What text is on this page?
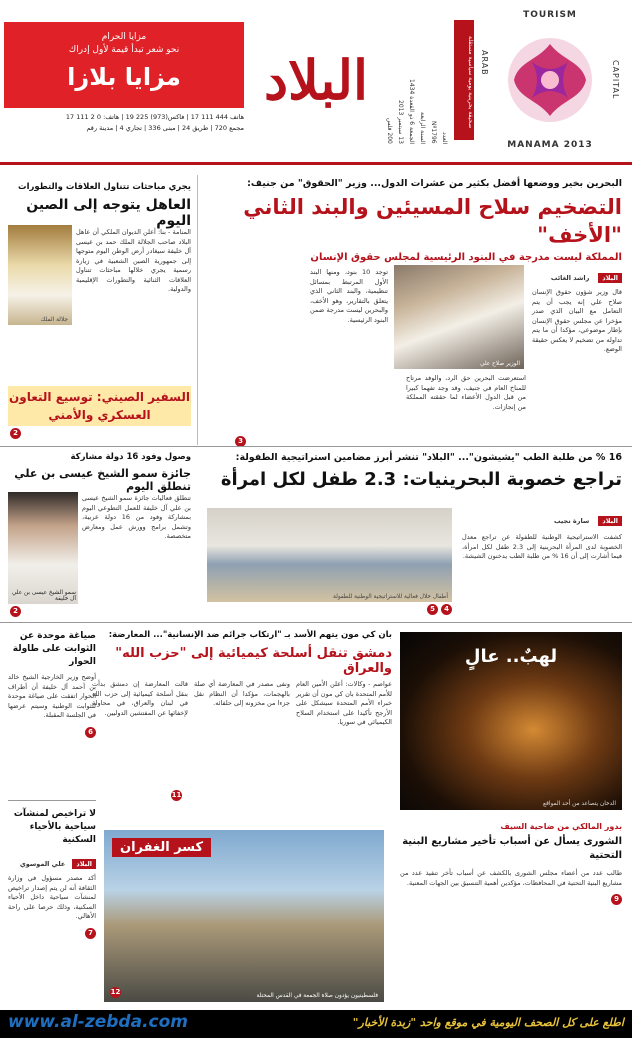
TOURISM
CAPITAL
ARAB
MANAMA 2013
صحيفة بحرينية يومية سياسية مستقلة
العدد
Nº1796
السنة الرابعة
الجمعة 6 ذو القعدة 1434
13 سبتمبر 2013
200 فلس
البلاد
مزايا الحرام
نحو شعر تبدأ قيمة لأول إدراك
مزايا بلازا
هاتف 444 111 17 | فاكس(973) 225 19 | هاتف: 0 2 111 17
مجمع 720 | طريق 24 | مبنى 336 | تجاري 4 | مدينة رقم
البحرين بخير ووضعها أفضل بكثير من عشرات الدول... وزير "الحقوق" من جنيف:
التضخيم سلاح المسيئين والبند الثاني "الأخف"
المملكة ليست مدرجة في البنود الرئيسية لمجلس حقوق الإنسان
البلاد راشد الغائب
قال وزير شؤون حقوق الإنسان صلاح علي إنه يجب أن يتم التعامل مع البيان الذي صدر مؤخرا عن مجلس حقوق الإنسان بإطار موضوعي، مؤكدا أن ما يتم تداوله من تضخيم لا يعكس حقيقة الوضع.
استعرضت البحرين حق الرد، والوفد مرتاح للمناخ العام في جنيف، وقد وجد تفهما كبيرا من قبل الدول الأعضاء لما حققته المملكة من إنجازات.
الوزير صلاح علي
توجد 10 بنود، ومنها البند الأول المرتبط بمسائل تنظيمية، والبند الثاني الذي يتعلق بالتقارير، وهو الأخف، والبحرين ليست مدرجة ضمن البنود الرئيسية.
3
يجري مباحثات تتناول العلاقات والتطورات
العاهل يتوجه إلى الصين اليوم
جلالة الملك
المنامة - بنا: أعلن الديوان الملكي أن عاهل البلاد صاحب الجلالة الملك حمد بن عيسى آل خليفة سيغادر أرض الوطن اليوم متوجها إلى جمهورية الصين الشعبية في زيارة رسمية يجري خلالها مباحثات تتناول العلاقات الثنائية والتطورات الإقليمية والدولية.
السفير الصيني: توسيع التعاون العسكري والأمني
2
16 % من طلبة الطب "يشيشون"... "البلاد" تنشر أبرز مضامين استراتيجية الطفولة:
تراجع خصوبة البحرينيات: 2.3 طفل لكل امرأة
البلاد سارة نجيب
كشفت الاستراتيجية الوطنية للطفولة عن تراجع معدل الخصوبة لدى المرأة البحرينية إلى 2.3 طفل لكل امرأة، فيما أشارت إلى أن 16 % من طلبة الطب يدخنون الشيشة.
أطفال خلال فعالية للاستراتيجية الوطنية للطفولة
4
5
وصول وفود 16 دولة مشاركة
جائزة سمو الشيخ عيسى بن علي تنطلق اليوم
سمو الشيخ عيسى بن علي آل خليفة
تنطلق فعاليات جائزة سمو الشيخ عيسى بن علي آل خليفة للعمل التطوعي اليوم بمشاركة وفود من 16 دولة عربية، وتشمل برامج وورش عمل ومعارض متخصصة.
2
بان كي مون يتهم الأسد بـ "ارتكاب جرائم ضد الإنسانية"... المعارضة:
دمشق تنقل أسلحة كيميائية إلى "حزب الله" والعراق
عواصم - وكالات: أعلن الأمين العام للأمم المتحدة بان كي مون أن تقرير خبراء الأمم المتحدة سيشكل على الأرجح تأكيدا على استخدام السلاح الكيميائي في سوريا.
ونفى مصدر في المعارضة أي صلة بالهجمات، مؤكدا أن النظام نقل جزءا من مخزونه إلى حلفائه.
قالت المعارضة إن دمشق بدأت بنقل أسلحة كيميائية إلى حزب الله في لبنان والعراق، في محاولة لإخفائها عن المفتشين الدوليين.
11
لهبٌ.. عالٍ
الدخان يتصاعد من أحد المواقع
صياغة موحدة عن الثوابت على طاولة الحوار
أوضح وزير الخارجية الشيخ خالد بن أحمد آل خليفة أن أطراف الحوار اتفقت على صياغة موحدة للثوابت الوطنية وسيتم عرضها في الجلسة المقبلة.
6
لا تراخيص لمنشآت سياحية بالأحياء السكنية
البلاد علي الموسوي
أكد مصدر مسؤول في وزارة الثقافة أنه لن يتم إصدار تراخيص لمنشآت سياحية داخل الأحياء السكنية، وذلك حرصا على راحة الأهالي.
7
كسر الغفران
فلسطينيون يؤدون صلاة الجمعة في القدس المحتلة
12
بدور المالكي من ضاحية السيف
الشورى يسأل عن أسباب تأخير مشاريع البنية التحتية
طالب عدد من أعضاء مجلس الشورى بالكشف عن أسباب تأخر تنفيذ عدد من مشاريع البنية التحتية في المحافظات، مؤكدين أهمية التنسيق بين الجهات المعنية.
9
www.al-zebda.com	اطلع على كل الصحف اليومية في موقع واحد "زبدة الأخبار"
